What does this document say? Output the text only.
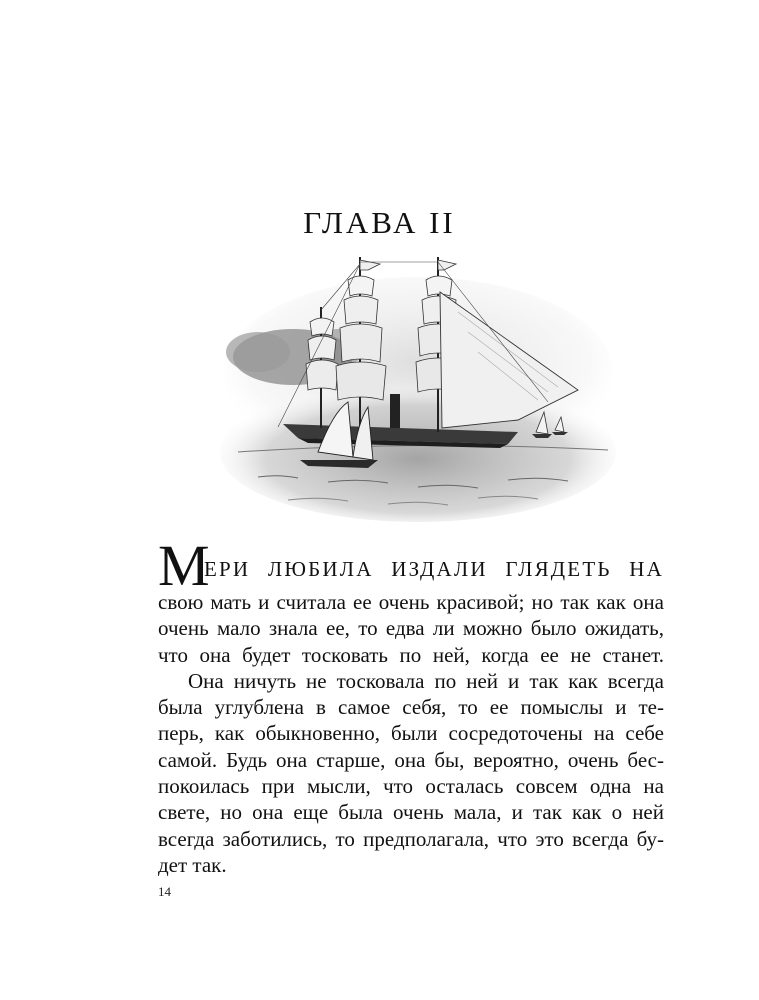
ГЛАВА II
М
ЕРИ ЛЮБИЛА ИЗДАЛИ ГЛЯДЕТЬ НА
свою мать и считала ее очень красивой; но так как она
очень мало знала ее, то едва ли можно было ожидать,
что она будет тосковать по ней, когда ее не станет.
Она ничуть не тосковала по ней и так как всегда
была углублена в самое себя, то ее помыслы и те-
перь, как обыкновенно, были сосредоточены на себе
самой. Будь она старше, она бы, вероятно, очень бес-
покоилась при мысли, что осталась совсем одна на
свете, но она еще была очень мала, и так как о ней
всегда заботились, то предполагала, что это всегда бу-
дет так.
14
